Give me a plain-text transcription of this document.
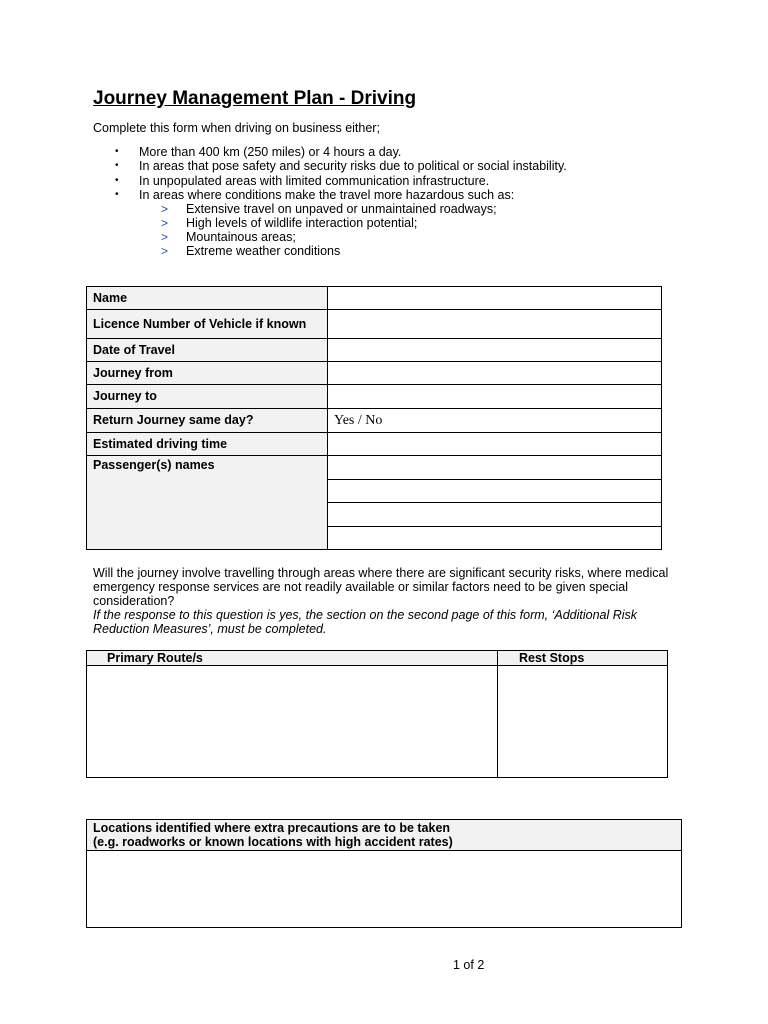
Journey Management Plan - Driving
Complete this form when driving on business either;
• More than 400 km (250 miles) or 4 hours a day.
• In areas that pose safety and security risks due to political or social instability.
• In unpopulated areas with limited communication infrastructure.
• In areas where conditions make the travel more hazardous such as:
> Extensive travel on unpaved or unmaintained roadways;
> High levels of wildlife interaction potential;
> Mountainous areas;
> Extreme weather conditions
Name	
Licence Number of Vehicle if known	
Date of Travel	
Journey from	
Journey to	
Return Journey same day?	Yes / No
Estimated driving time	
Passenger(s) names	

Will the journey involve travelling through areas where there are significant security risks, where medical emergency response services are not readily available or similar factors need to be given special consideration?
If the response to this question is yes, the section on the second page of this form, ‘Additional Risk Reduction Measures’, must be completed.
Primary Route/s	Rest Stops

Locations identified where extra precautions are to be taken
(e.g. roadworks or known locations with high accident rates)

1 of 2
